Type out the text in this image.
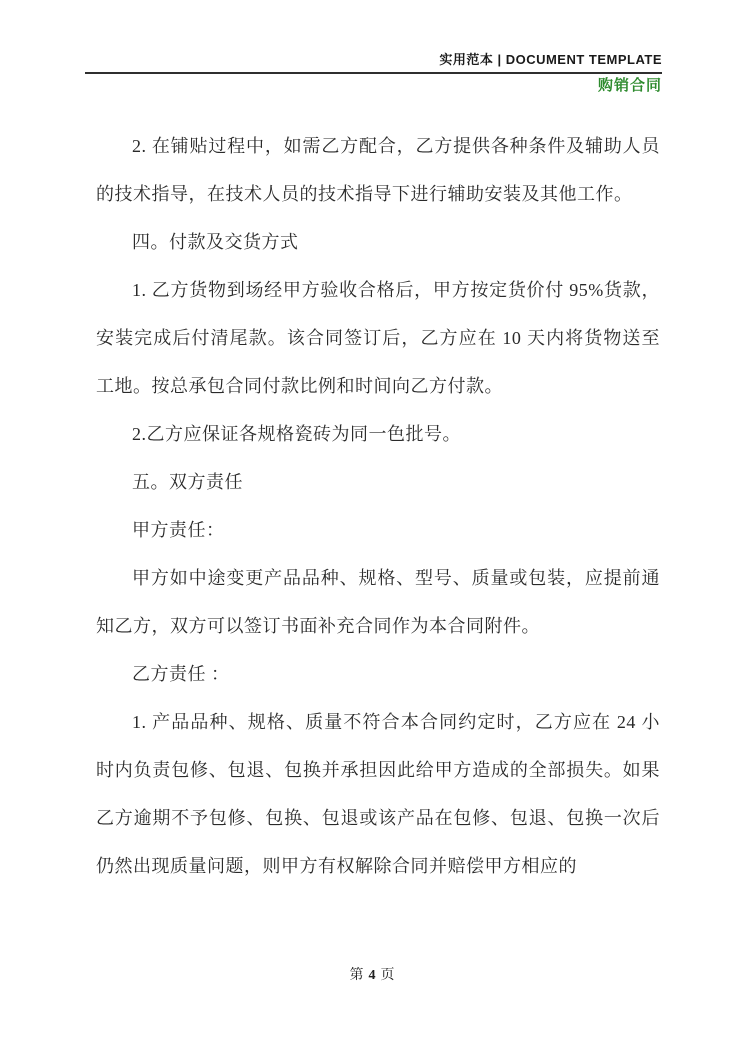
实用范本 | DOCUMENT TEMPLATE
购销合同

2. 在铺贴过程中，如需乙方配合，乙方提供各种条件及辅助人员的技术指导，在技术人员的技术指导下进行辅助安装及其他工作。

四。付款及交货方式

1. 乙方货物到场经甲方验收合格后，甲方按定货价付 95%货款，安装完成后付清尾款。该合同签订后，乙方应在 10 天内将货物送至工地。按总承包合同付款比例和时间向乙方付款。

2.乙方应保证各规格瓷砖为同一色批号。

五。双方责任

甲方责任：

甲方如中途变更产品品种、规格、型号、质量或包装，应提前通知乙方，双方可以签订书面补充合同作为本合同附件。

乙方责任 ：

1. 产品品种、规格、质量不符合本合同约定时，乙方应在 24 小时内负责包修、包退、包换并承担因此给甲方造成的全部损失。如果乙方逾期不予包修、包换、包退或该产品在包修、包退、包换一次后仍然出现质量问题，则甲方有权解除合同并赔偿甲方相应的

第 4 页
